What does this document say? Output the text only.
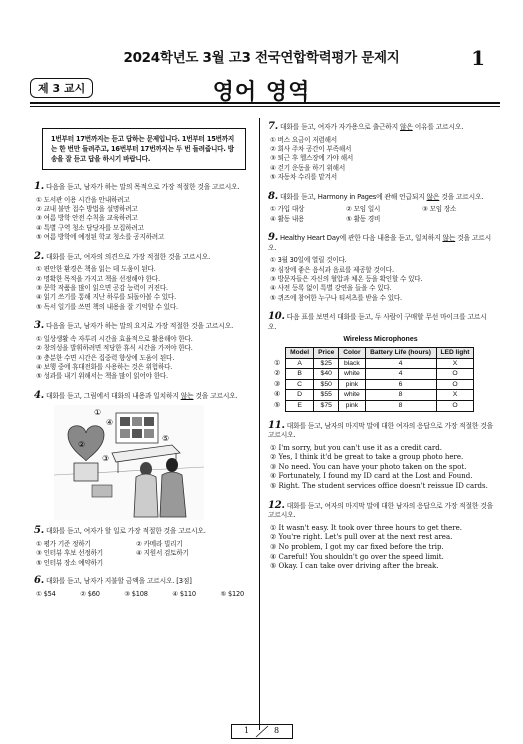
2024학년도 3월 고3 전국연합학력평가 문제지	1
제 3 교시	영어 영역
1번부터 17번까지는 듣고 답하는 문제입니다. 1번부터 15번까지는 한 번만 들려주고, 16번부터 17번까지는 두 번 들려줍니다. 방송을 잘 듣고 답을 하시기 바랍니다.
1. 다음을 듣고, 남자가 하는 말의 목적으로 가장 적절한 것을 고르시오.
① 도서관 이용 시간을 안내하려고
② 교내 불만 접수 방법을 설명하려고
③ 여름 방학 안전 수칙을 교육하려고
④ 특별 구역 청소 담당자를 모집하려고
⑤ 여름 방학에 예정된 학교 청소를 공지하려고
2. 대화를 듣고, 여자의 의견으로 가장 적절한 것을 고르시오.
① 편안한 환경은 책을 읽는 데 도움이 된다.
② 명확한 목적을 가지고 책을 선정해야 한다.
③ 문학 작품을 많이 읽으면 공감 능력이 커진다.
④ 읽기 쓰기를 통해 지난 하루를 되돌아볼 수 있다.
⑤ 독서 일기를 쓰면 책의 내용을 잘 기억할 수 있다.
3. 다음을 듣고, 남자가 하는 말의 요지로 가장 적절한 것을 고르시오.
① 일상생활 속 자투리 시간을 효율적으로 활용해야 한다.
② 창의성을 발휘하려면 적당한 휴식 시간을 가져야 한다.
③ 충분한 수면 시간은 집중력 향상에 도움이 된다.
④ 보행 중에 휴대전화를 사용하는 것은 위험하다.
⑤ 성과를 내기 위해서는 책을 많이 읽어야 한다.
4. 대화를 듣고, 그림에서 대화의 내용과 일치하지 않는 것을 고르시오.
①
②
③
④
⑤
5. 대화를 듣고, 여자가 할 일로 가장 적절한 것을 고르시오.
① 평가 기준 정하기	② 카메라 빌리기
③ 인터뷰 후보 선정하기	④ 지원서 검토하기
⑤ 인터뷰 장소 예약하기
6. 대화를 듣고, 남자가 지불할 금액을 고르시오. [3점]
① $54	② $60	③ $108	④ $110	⑤ $120
7. 대화를 듣고, 여자가 자가용으로 출근하지 않은 이유를 고르시오.
① 버스 요금이 저렴해서
② 회사 주차 공간이 부족해서
③ 퇴근 후 헬스장에 가야 해서
④ 걷기 운동을 하기 위해서
⑤ 자동차 수리를 맡겨서
8. 대화를 듣고, Harmony in Pages에 관해 언급되지 않은 것을 고르시오.
① 가입 대상	② 모임 일시	③ 모임 장소
④ 활동 내용	⑤ 활동 경비
9. Healthy Heart Day에 관한 다음 내용을 듣고, 일치하지 않는 것을 고르시오.
① 3월 30일에 열릴 것이다.
② 심장에 좋은 음식과 음료를 제공할 것이다.
③ 방문자들은 자신의 혈압과 체온 등을 확인할 수 있다.
④ 사전 등록 없이 특별 강연을 들을 수 있다.
⑤ 퀴즈에 참여한 누구나 티셔츠를 받을 수 있다.
10. 다음 표를 보면서 대화를 듣고, 두 사람이 구매할 무선 마이크를 고르시오.
Wireless Microphones
	Model	Price	Color	Battery Life (hours)	LED light
①	A	$25	black	4	X
②	B	$40	white	4	O
③	C	$50	pink	6	O
④	D	$55	white	8	X
⑤	E	$75	pink	8	O
11. 대화를 듣고, 남자의 마지막 말에 대한 여자의 응답으로 가장 적절한 것을 고르시오.
① I'm sorry, but you can't use it as a credit card.
② Yes, I think it'd be great to take a group photo here.
③ No need. You can have your photo taken on the spot.
④ Fortunately, I found my ID card at the Lost and Found.
⑤ Right. The student services office doesn't reissue ID cards.
12. 대화를 듣고, 여자의 마지막 말에 대한 남자의 응답으로 가장 적절한 것을 고르시오.
① It wasn't easy. It took over three hours to get there.
② You're right. Let's pull over at the next rest area.
③ No problem, I got my car fixed before the trip.
④ Careful! You shouldn't go over the speed limit.
⑤ Okay. I can take over driving after the break.
1	8
